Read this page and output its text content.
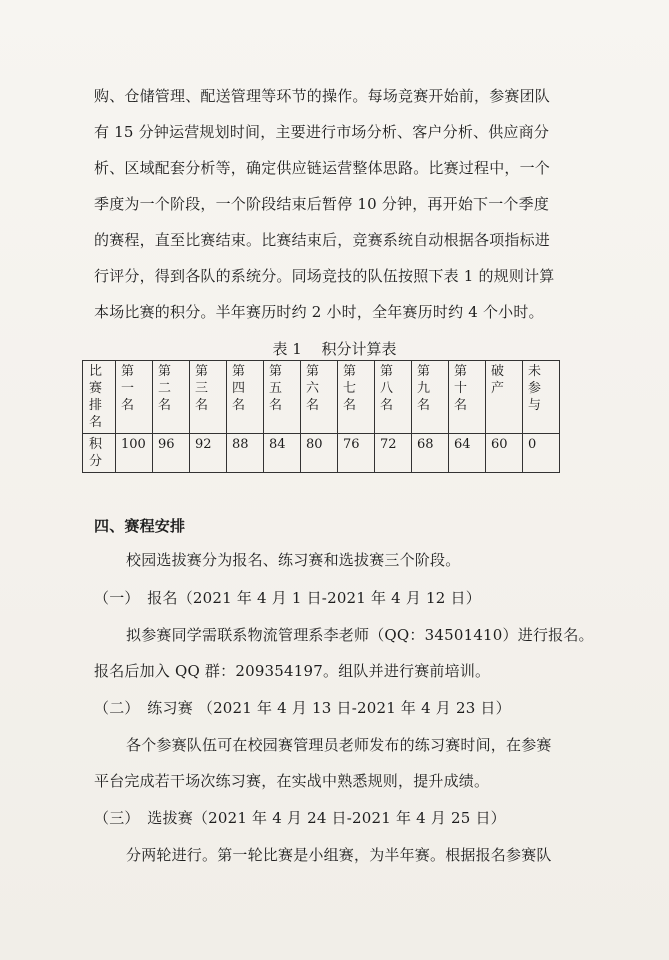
购、仓储管理、配送管理等环节的操作。每场竞赛开始前，参赛团队
有 15 分钟运营规划时间，主要进行市场分析、客户分析、供应商分
析、区域配套分析等，确定供应链运营整体思路。比赛过程中，一个
季度为一个阶段，一个阶段结束后暂停 10 分钟，再开始下一个季度
的赛程，直至比赛结束。比赛结束后，竞赛系统自动根据各项指标进
行评分，得到各队的系统分。同场竞技的队伍按照下表 1 的规则计算
本场比赛的积分。半年赛历时约 2 小时，全年赛历时约 4 个小时。
表 1　 积分计算表
比赛排名	第一名	第二名	第三名	第四名	第五名	第六名	第七名	第八名	第九名	第十名	破产	未参与

积分	100	96	92	88	84	80	76	72	68	64	60	0
四、赛程安排
校园选拔赛分为报名、练习赛和选拔赛三个阶段。
（一）　报名（2021 年 4 月 1 日-2021 年 4 月 12 日）
拟参赛同学需联系物流管理系李老师（QQ：34501410）进行报名。
报名后加入 QQ 群：209354197。组队并进行赛前培训。
（二）　练习赛 （2021 年 4 月 13 日-2021 年 4 月 23 日）
各个参赛队伍可在校园赛管理员老师发布的练习赛时间，在参赛
平台完成若干场次练习赛，在实战中熟悉规则，提升成绩。
（三）　选拔赛（2021 年 4 月 24 日-2021 年 4 月 25 日）
分两轮进行。第一轮比赛是小组赛，为半年赛。根据报名参赛队
